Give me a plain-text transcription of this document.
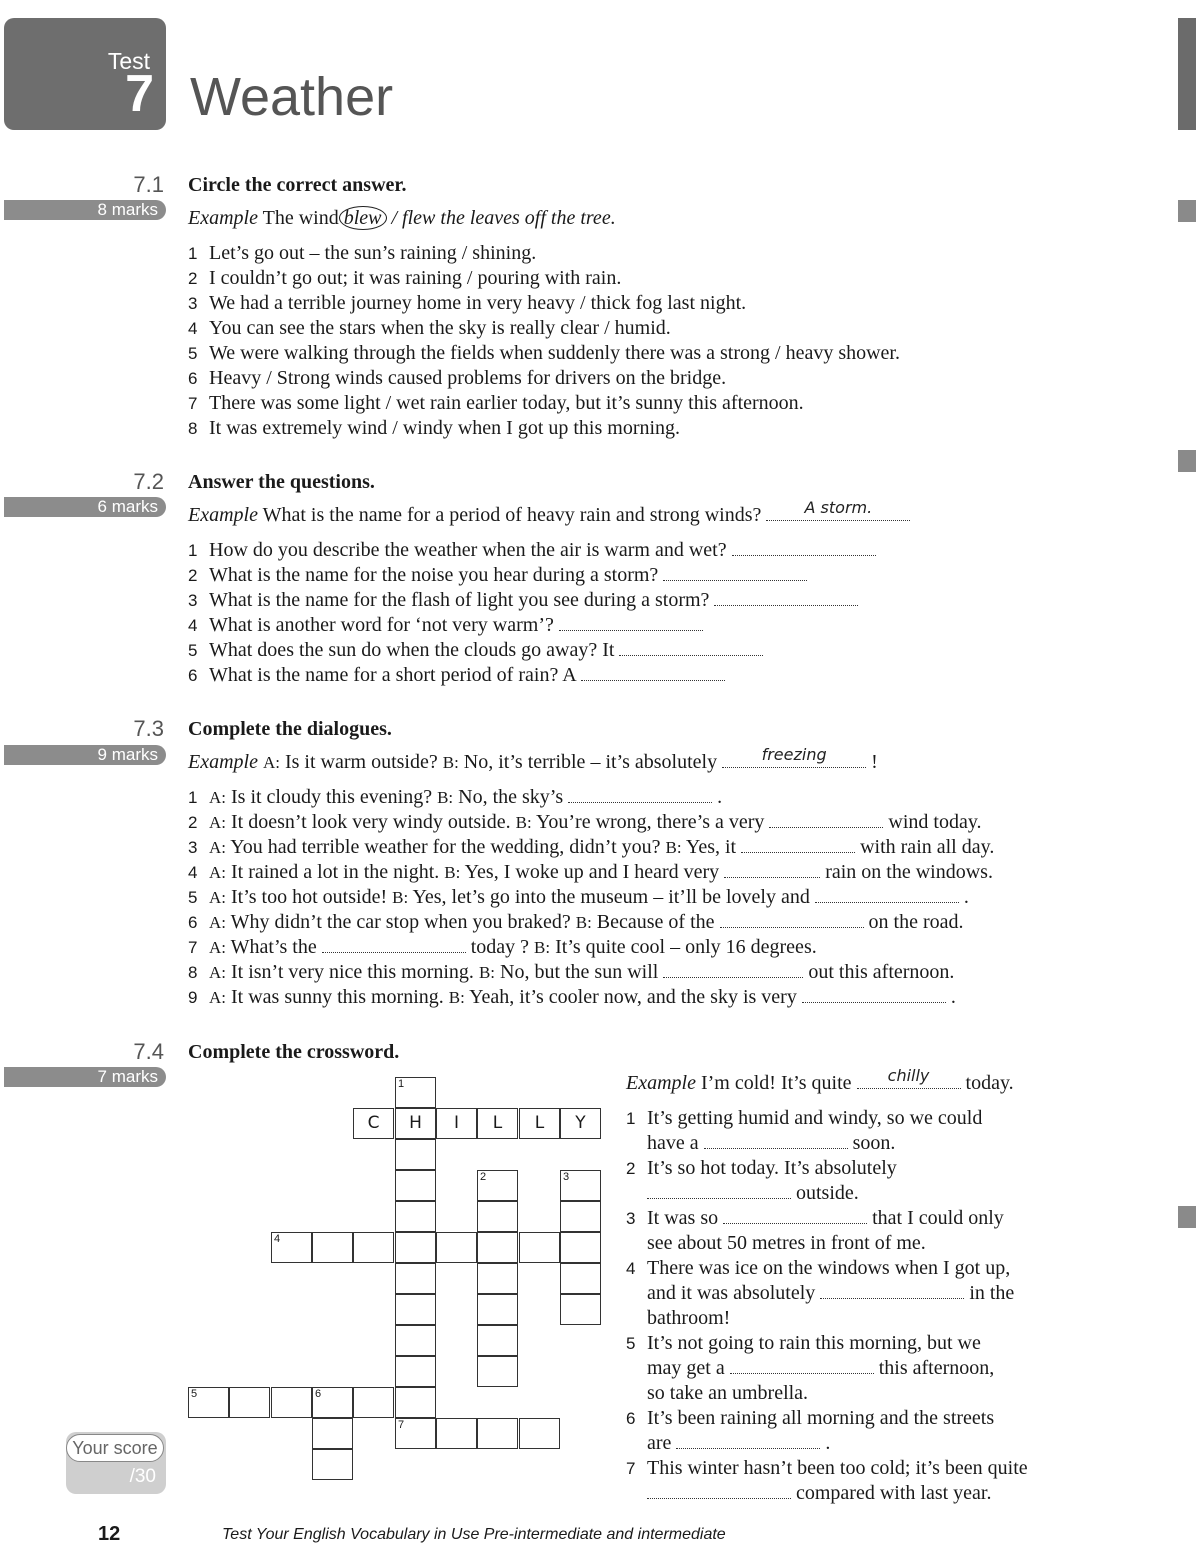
Test
7 Weather
7.1
8 marks
Circle the correct answer.
Example The wind blew / flew the leaves off the tree.
1 Let’s go out – the sun’s raining / shining.
2 I couldn’t go out; it was raining / pouring with rain.
3 We had a terrible journey home in very heavy / thick fog last night.
4 You can see the stars when the sky is really clear / humid.
5 We were walking through the fields when suddenly there was a strong / heavy shower.
6 Heavy / Strong winds caused problems for drivers on the bridge.
7 There was some light / wet rain earlier today, but it’s sunny this afternoon.
8 It was extremely wind / windy when I got up this morning.
7.2
6 marks
Answer the questions.
Example What is the name for a period of heavy rain and strong winds?	A storm.
1 How do you describe the weather when the air is warm and wet?
2 What is the name for the noise you hear during a storm?
3 What is the name for the flash of light you see during a storm?
4 What is another word for ‘not very warm’?
5 What does the sun do when the clouds go away? It
6 What is the name for a short period of rain? A
7.3
9 marks
Complete the dialogues.
Example A: Is it warm outside? B: No, it’s terrible – it’s absolutely	freezing	!
1 A: Is it cloudy this evening? B: No, the sky’s	.
2 A: It doesn’t look very windy outside. B: You’re wrong, there’s a very	wind today.
3 A: You had terrible weather for the wedding, didn’t you? B: Yes, it	with rain all day.
4 A: It rained a lot in the night. B: Yes, I woke up and I heard very	rain on the windows.
5 A: It’s too hot outside! B: Yes, let’s go into the museum – it’ll be lovely and	.
6 A: Why didn’t the car stop when you braked? B: Because of the	on the road.
7 A: What’s the	today ? B: It’s quite cool – only 16 degrees.
8 A: It isn’t very nice this morning. B: No, but the sun will	out this afternoon.
9 A: It was sunny this morning. B: Yeah, it’s cooler now, and the sky is very	.
7.4
7 marks
Complete the crossword.
1
C	H	I	L	L	Y
2	3
4
5	6
7
Example I’m cold! It’s quite	chilly	today.
1 It’s getting humid and windy, so we could
have a	soon.
2 It’s so hot today. It’s absolutely
outside.
3 It was so	that I could only
see about 50 metres in front of me.
4 There was ice on the windows when I got up,
and it was absolutely	in the
bathroom!
5 It’s not going to rain this morning, but we
may get a	this afternoon,
so take an umbrella.
6 It’s been raining all morning and the streets
are	.
7 This winter hasn’t been too cold; it’s been quite
compared with last year.
Your score
/30
12	Test Your English Vocabulary in Use Pre-intermediate and intermediate
